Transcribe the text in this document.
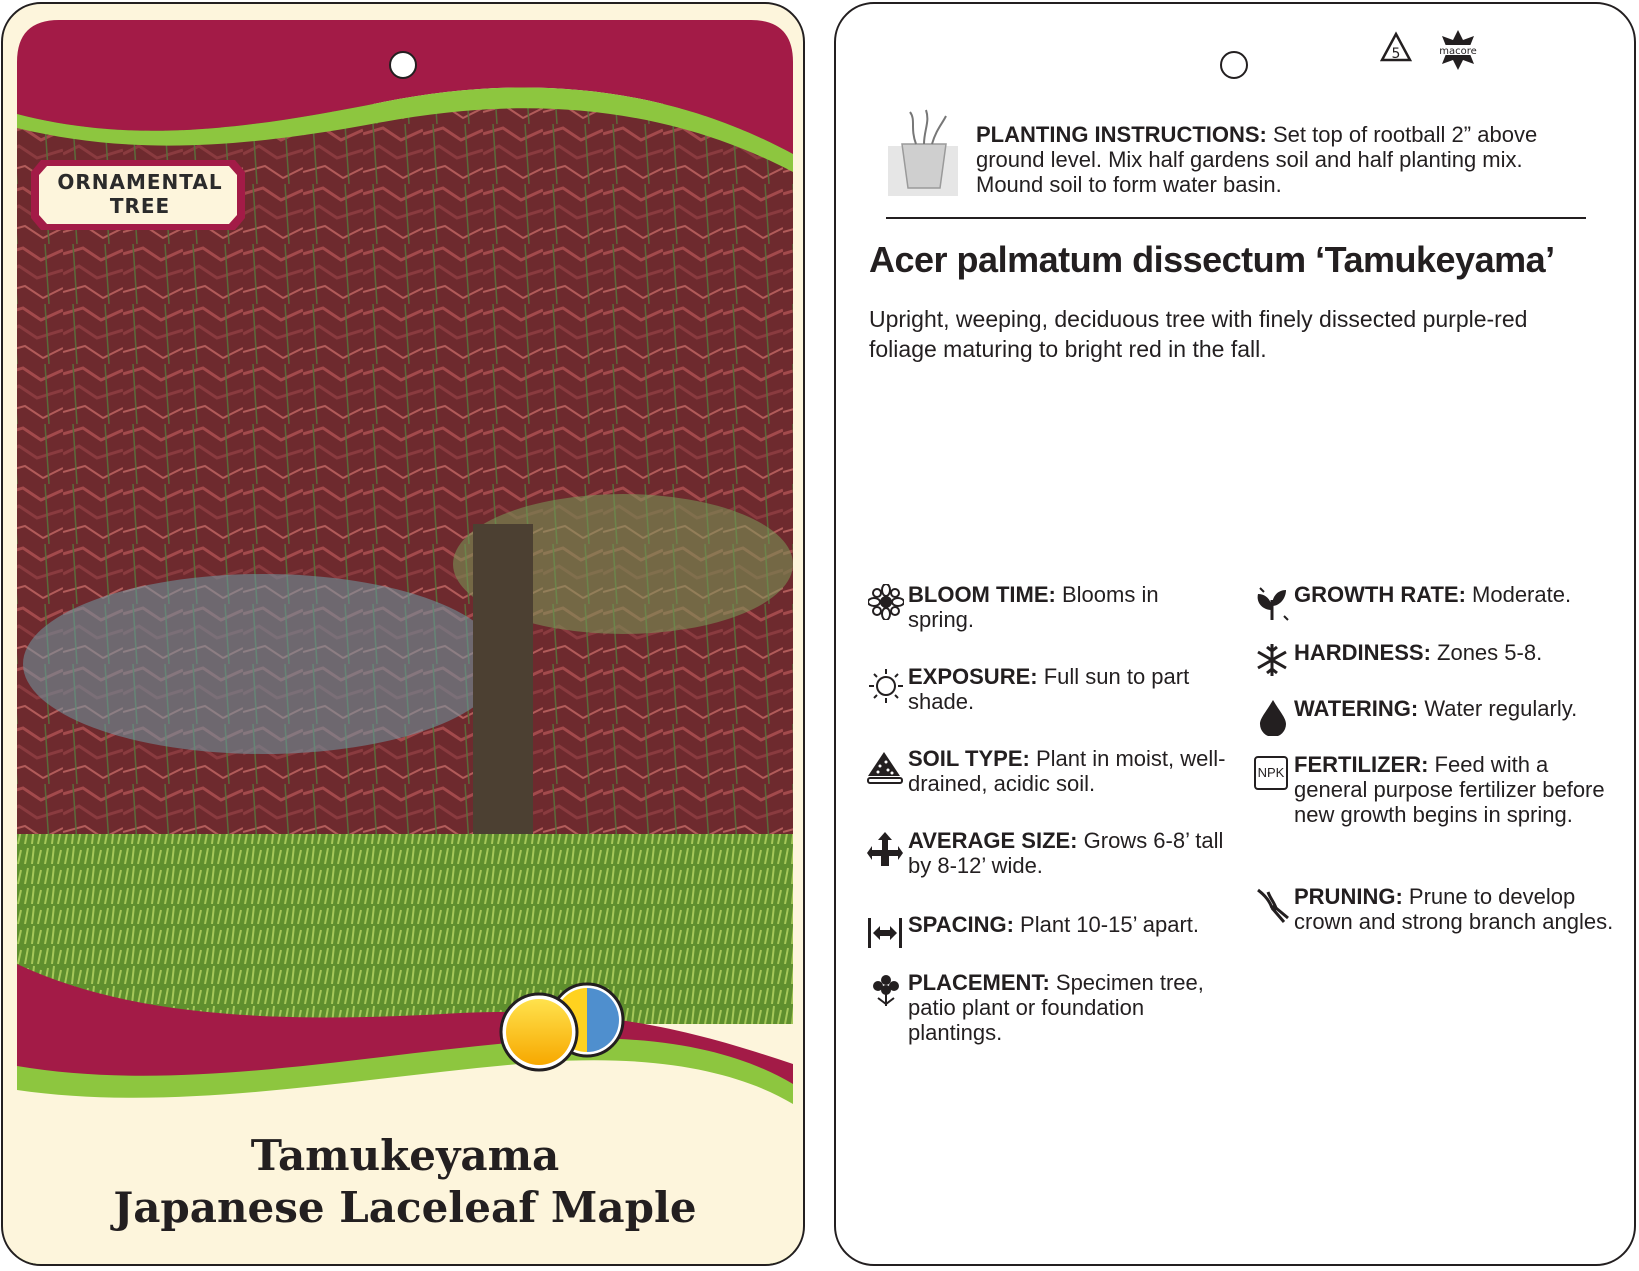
ORNAMENTAL
TREE
Tamukeyama
Japanese Laceleaf Maple
5	macore
PLANTING INSTRUCTIONS: Set top of rootball 2” above ground level. Mix half gardens soil and half planting mix. Mound soil to form water basin.
Acer palmatum dissectum ‘Tamukeyama’
Upright, weeping, deciduous tree with finely dissected purple-red foliage maturing to bright red in the fall.
BLOOM TIME: Blooms in spring.
EXPOSURE: Full sun to part shade.
SOIL TYPE: Plant in moist, well-drained, acidic soil.
AVERAGE SIZE: Grows 6-8’ tall by 8-12’ wide.
SPACING: Plant 10-15’ apart.
PLACEMENT: Specimen tree, patio plant or foundation plantings.
GROWTH RATE: Moderate.
HARDINESS: Zones 5-8.
WATERING: Water regularly.
NPK FERTILIZER: Feed with a general purpose fertilizer before new growth begins in spring.
PRUNING: Prune to develop crown and strong branch angles.
